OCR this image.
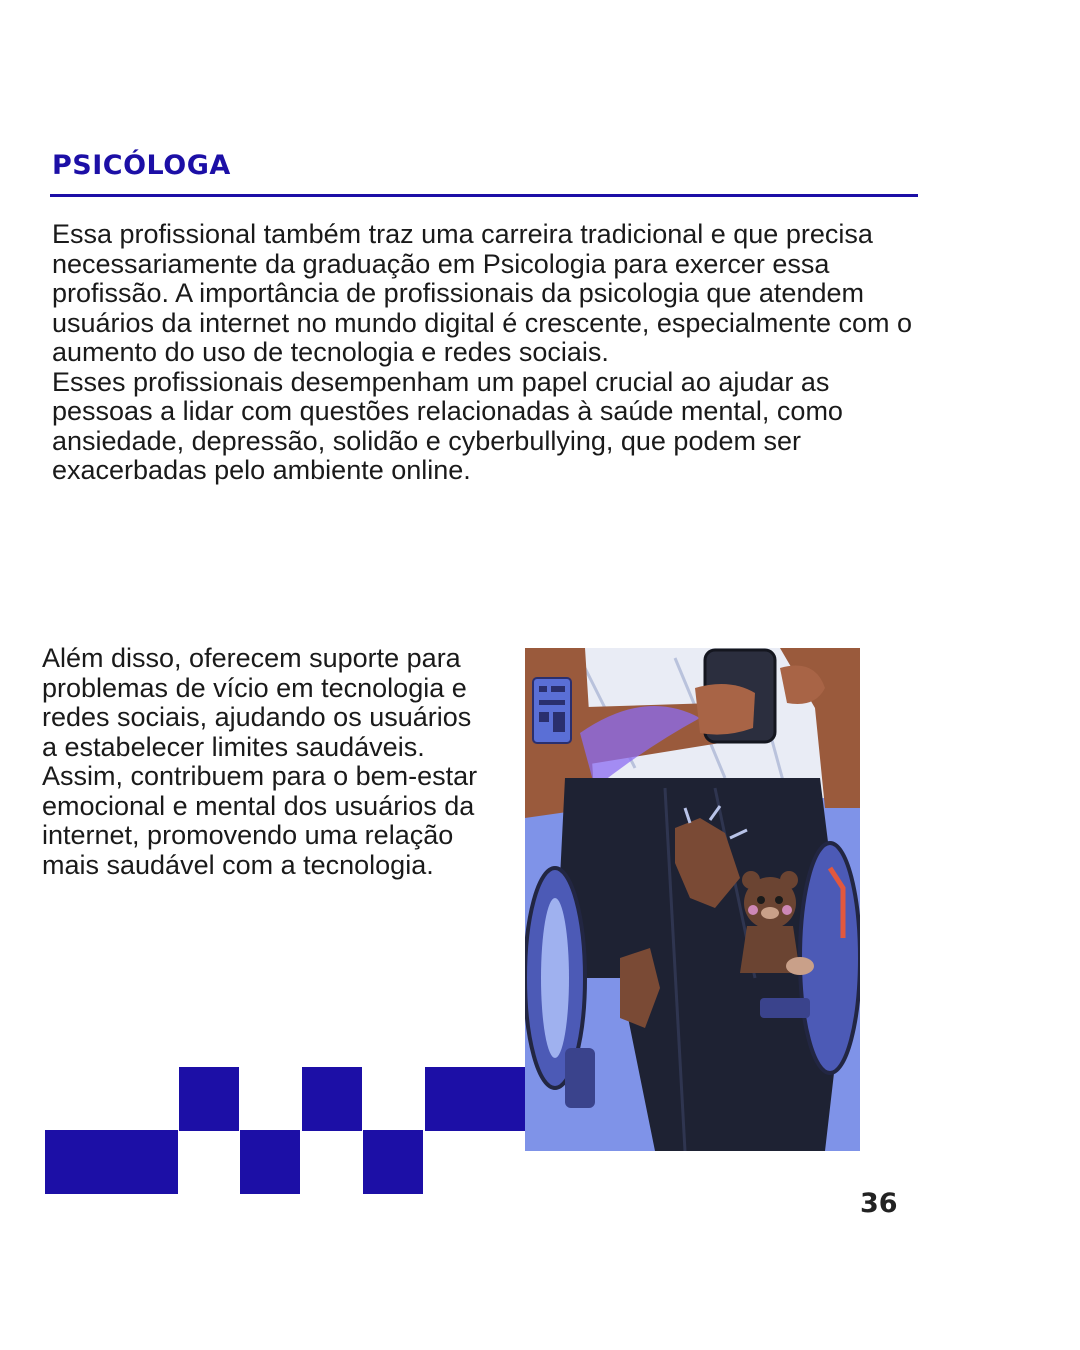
PSICÓLOGA

Essa profissional também traz uma carreira tradicional e que precisa necessariamente da graduação em Psicologia para exercer essa profissão. A importância de profissionais da psicologia que atendem usuários da internet no mundo digital é crescente, especialmente com o aumento do uso de tecnologia e redes sociais.

Esses profissionais desempenham um papel crucial ao ajudar as pessoas a lidar com questões relacionadas à saúde mental, como ansiedade, depressão, solidão e cyberbullying, que podem ser exacerbadas pelo ambiente online.

Além disso, oferecem suporte para problemas de vício em tecnologia e redes sociais, ajudando os usuários a estabelecer limites saudáveis. Assim, contribuem para o bem-estar emocional e mental dos usuários da internet, promovendo uma relação mais saudável com a tecnologia.

36
